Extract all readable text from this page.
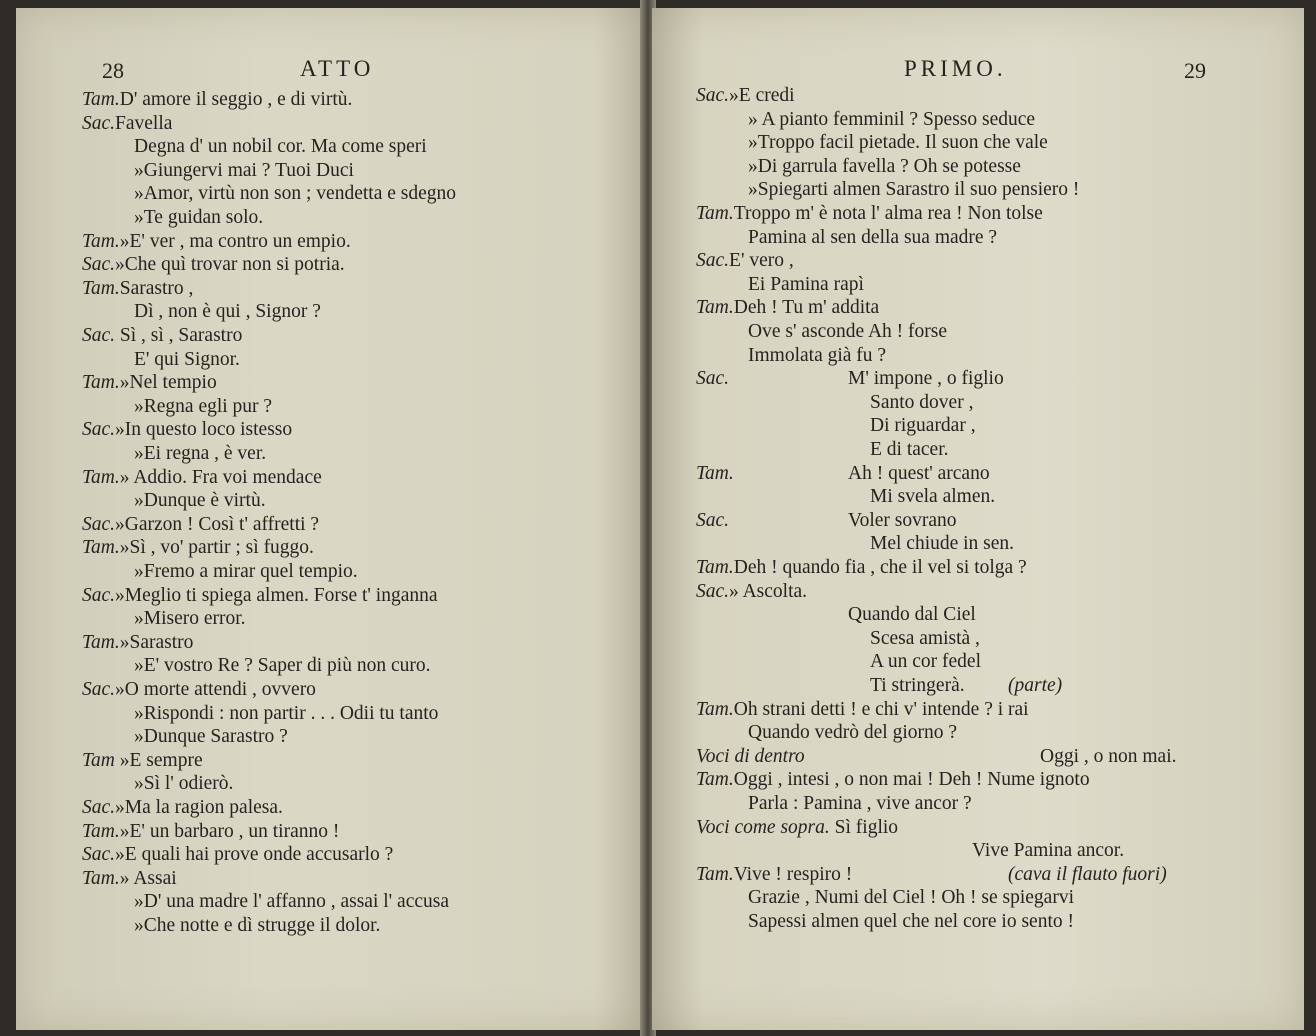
28	ATTO
Tam.D' amore il seggio , e di virtù.
Sac.Favella
Degna d' un nobil cor. Ma come speri
»Giungervi mai ? Tuoi Duci
»Amor, virtù non son ; vendetta e sdegno
»Te guidan solo.
Tam.»E' ver , ma contro un empio.
Sac.»Che quì trovar non si potria.
Tam.Sarastro ,
Dì , non è qui , Signor ?
Sac. Sì , sì , Sarastro
E' qui Signor.
Tam.»Nel tempio
»Regna egli pur ?
Sac.»In questo loco istesso
»Ei regna , è ver.
Tam.» Addio. Fra voi mendace
»Dunque è virtù.
Sac.»Garzon ! Così t' affretti ?
Tam.»Sì , vo' partir ; sì fuggo.
»Fremo a mirar quel tempio.
Sac.»Meglio ti spiega almen. Forse t' inganna
»Misero error.
Tam.»Sarastro
»E' vostro Re ? Saper di più non curo.
Sac.»O morte attendi , ovvero
»Rispondi : non partir . . . Odii tu tanto
»Dunque Sarastro ?
Tam »E sempre
»Sì l' odierò.
Sac.»Ma la ragion palesa.
Tam.»E' un barbaro , un tiranno !
Sac.»E quali hai prove onde accusarlo ?
Tam.» Assai
»D' una madre l' affanno , assai l' accusa
»Che notte e dì strugge il dolor.
PRIMO.	29
Sac.»E credi
» A pianto femminil ? Spesso seduce
»Troppo facil pietade. Il suon che vale
»Di garrula favella ? Oh se potesse
»Spiegarti almen Sarastro il suo pensiero !
Tam.Troppo m' è nota l' alma rea ! Non tolse
Pamina al sen della sua madre ?
Sac.E' vero ,
Ei Pamina rapì
Tam.Deh ! Tu m' addita
Ove s' asconde Ah ! forse
Immolata già fu ?
Sac.	M' impone , o figlio
Santo dover ,
Di riguardar ,
E di tacer.
Tam.	Ah ! quest' arcano
Mi svela almen.
Sac.	Voler sovrano
Mel chiude in sen.
Tam.Deh ! quando fia , che il vel si tolga ?
Sac.» Ascolta.
Quando dal Ciel
Scesa amistà ,
A un cor fedel
Ti stringerà. (parte)
Tam.Oh strani detti ! e chi v' intende ? i rai
Quando vedrò del giorno ?
Voci di dentro	Oggi , o non mai.
Tam.Oggi , intesi , o non mai ! Deh ! Nume ignoto
Parla : Pamina , vive ancor ?
Voci come sopra. Sì figlio
Vive Pamina ancor.
Tam.Vive ! respiro !	(cava il flauto fuori)
Grazie , Numi del Ciel ! Oh ! se spiegarvi
Sapessi almen quel che nel core io sento !
